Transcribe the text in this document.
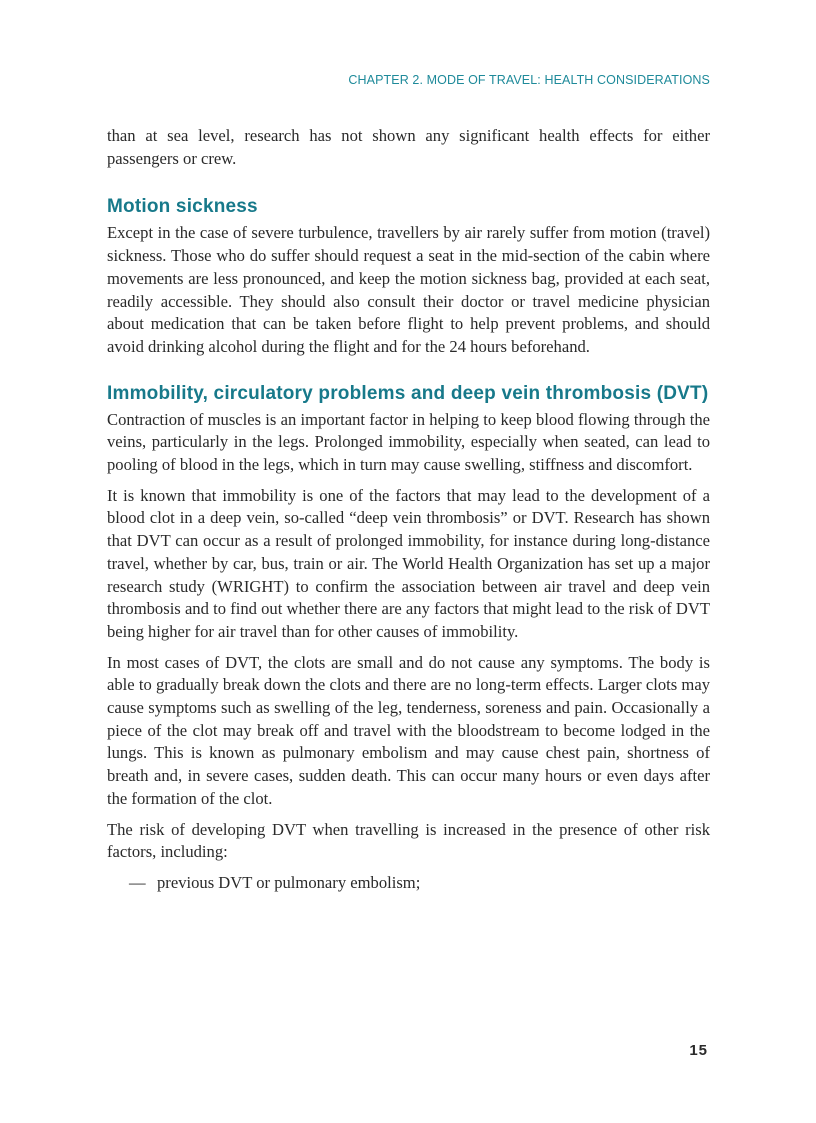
CHAPTER 2. MODE OF TRAVEL: HEALTH CONSIDERATIONS

than at sea level, research has not shown any significant health effects for either passengers or crew.

Motion sickness

Except in the case of severe turbulence, travellers by air rarely suffer from motion (travel) sickness. Those who do suffer should request a seat in the mid-section of the cabin where movements are less pronounced, and keep the motion sickness bag, provided at each seat, readily accessible. They should also consult their doctor or travel medicine physician about medication that can be taken before flight to help prevent problems, and should avoid drinking alcohol during the flight and for the 24 hours beforehand.

Immobility, circulatory problems and deep vein thrombosis (DVT)

Contraction of muscles is an important factor in helping to keep blood flowing through the veins, particularly in the legs. Prolonged immobility, especially when seated, can lead to pooling of blood in the legs, which in turn may cause swelling, stiffness and discomfort.

It is known that immobility is one of the factors that may lead to the development of a blood clot in a deep vein, so-called “deep vein thrombosis” or DVT. Research has shown that DVT can occur as a result of prolonged immobility, for instance during long-distance travel, whether by car, bus, train or air. The World Health Organization has set up a major research study (WRIGHT) to confirm the association between air travel and deep vein thrombosis and to find out whether there are any factors that might lead to the risk of DVT being higher for air travel than for other causes of immobility.

In most cases of DVT, the clots are small and do not cause any symptoms. The body is able to gradually break down the clots and there are no long-term effects. Larger clots may cause symptoms such as swelling of the leg, tenderness, soreness and pain. Occasionally a piece of the clot may break off and travel with the bloodstream to become lodged in the lungs. This is known as pulmonary embolism and may cause chest pain, shortness of breath and, in severe cases, sudden death. This can occur many hours or even days after the formation of the clot.

The risk of developing DVT when travelling is increased in the presence of other risk factors, including:

— previous DVT or pulmonary embolism;
15
